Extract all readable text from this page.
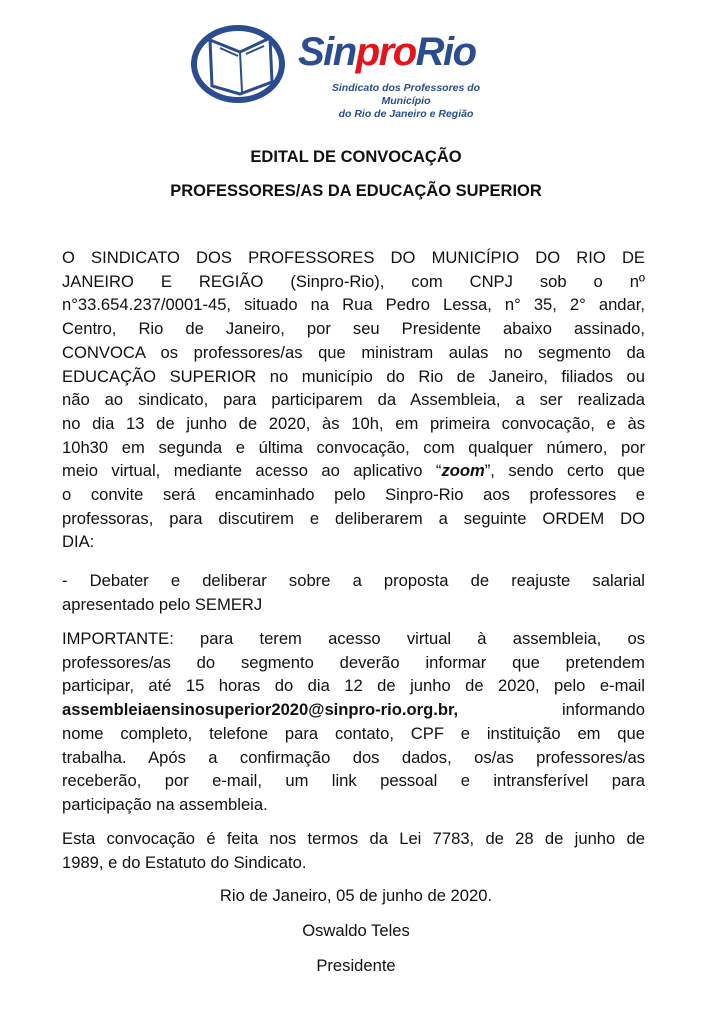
SinproRio
Sindicato dos Professores do Município
do Rio de Janeiro e Região
EDITAL DE CONVOCAÇÃO
PROFESSORES/AS DA EDUCAÇÃO SUPERIOR
O SINDICATO DOS PROFESSORES DO MUNICÍPIO DO RIO DE
JANEIRO E REGIÃO (Sinpro-Rio), com CNPJ sob o nº
n°33.654.237/0001-45, situado na Rua Pedro Lessa, n° 35, 2° andar,
Centro, Rio de Janeiro, por seu Presidente abaixo assinado,
CONVOCA os professores/as que ministram aulas no segmento da
EDUCAÇÃO SUPERIOR no município do Rio de Janeiro, filiados ou
não ao sindicato, para participarem da Assembleia, a ser realizada
no dia 13 de junho de 2020, às 10h, em primeira convocação, e às
10h30 em segunda e última convocação, com qualquer número, por
meio virtual, mediante acesso ao aplicativo “zoom”, sendo certo que
o convite será encaminhado pelo Sinpro-Rio aos professores e
professoras, para discutirem e deliberarem a seguinte ORDEM DO
DIA:
- Debater e deliberar sobre a proposta de reajuste salarial
apresentado pelo SEMERJ
IMPORTANTE: para terem acesso virtual à assembleia, os
professores/as do segmento deverão informar que pretendem
participar, até 15 horas do dia 12 de junho de 2020, pelo e-mail
assembleiaensinosuperior2020@sinpro-rio.org.br,	informando
nome completo, telefone para contato, CPF e instituição em que
trabalha. Após a confirmação dos dados, os/as professores/as
receberão, por e-mail, um link pessoal e intransferível para
participação na assembleia.
Esta convocação é feita nos termos da Lei 7783, de 28 de junho de
1989, e do Estatuto do Sindicato.
Rio de Janeiro, 05 de junho de 2020.
Oswaldo Teles
Presidente
